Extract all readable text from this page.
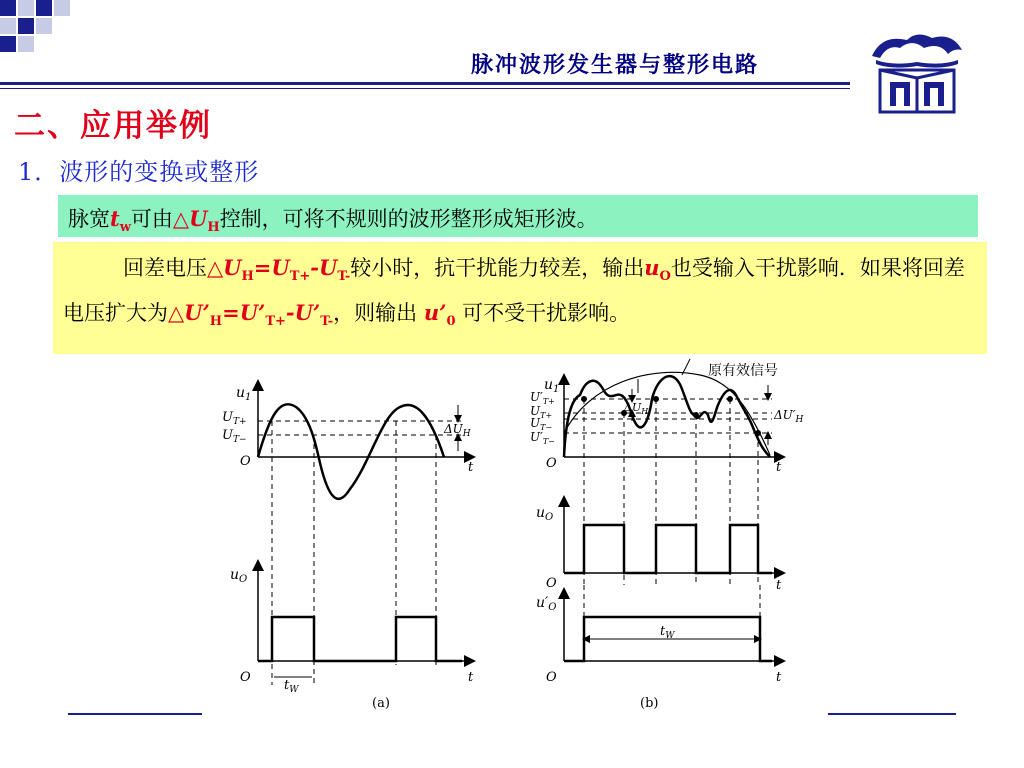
脉冲波形发生器与整形电路
二、应用举例
1．波形的变换或整形
脉宽$t_w$可由$\triangle U_H$控制，可将不规则的波形整形成矩形波。
回差电压$\triangle U_H=U_{T+}-U_{T-}$较小时，抗干扰能力较差，输出$u_O$也受输入干扰影响．如果将回差电压扩大为$\triangle U’_H=U’_{T+}-U’_{T-}$，则输出 $u’_0$ 可不受干扰影响。
$u_1$
$U_{T+}$
$U_{T-}$
O	t
$\Delta U_H$
$u_O$
O	t
$t_W$
(a)
原有效信号
$\Delta U_H$	$\Delta U'_H$
$u_1$
$U'_{T+}$
$U_{T+}$
$U_{T-}$
$U'_{T-}$
O	t
$u_O$
O	t
$t_W$
$u'_O$
O	t
(b)
